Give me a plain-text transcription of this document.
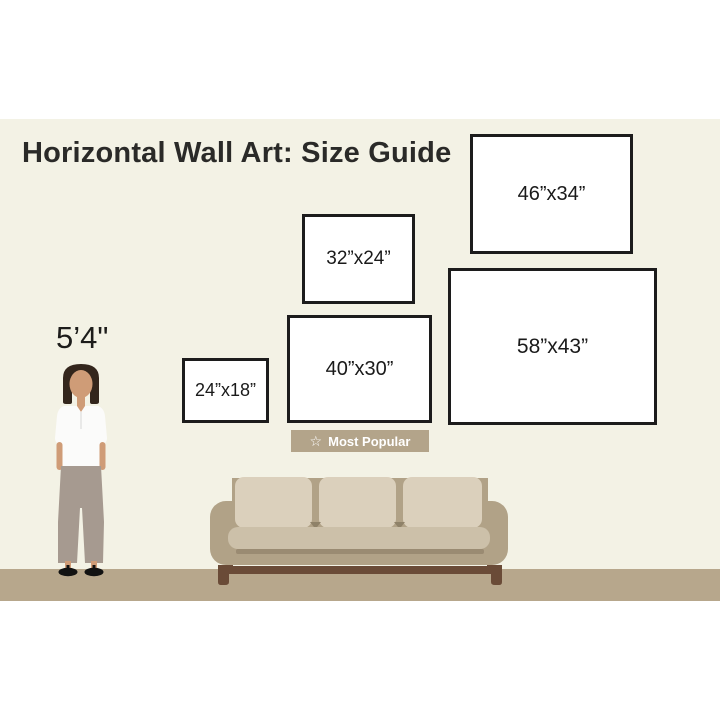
Horizontal Wall Art: Size Guide
5’4"
46”x34”
32”x24”
24”x18”
40”x30”
58”x43”
☆ Most Popular
